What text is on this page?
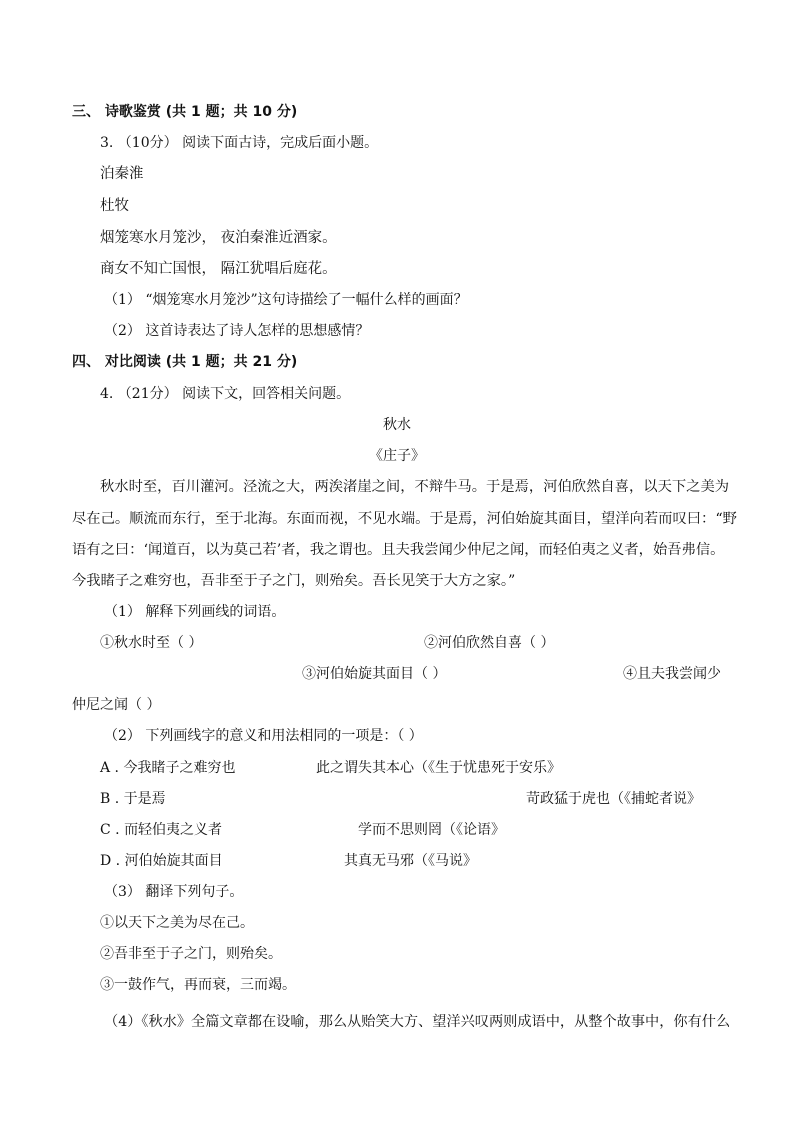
三、 诗歌鉴赏 (共 1 题；共 10 分)
3. （10分） 阅读下面古诗，完成后面小题。
泊秦淮
杜牧
烟笼寒水月笼沙， 夜泊秦淮近酒家。
商女不知亡国恨， 隔江犹唱后庭花。
（1） “烟笼寒水月笼沙”这句诗描绘了一幅什么样的画面？
（2） 这首诗表达了诗人怎样的思想感情？
四、 对比阅读 (共 1 题；共 21 分)
4. （21分） 阅读下文，回答相关问题。
秋水
《庄子》
秋水时至，百川灌河。泾流之大，两涘渚崖之间，不辩牛马。于是焉，河伯欣然自喜，以天下之美为
尽在己。顺流而东行，至于北海。东面而视，不见水端。于是焉，河伯始旋其面目，望洋向若而叹曰：“野
语有之曰：‘闻道百，以为莫己若’者，我之谓也。且夫我尝闻少仲尼之闻，而轻伯夷之义者，始吾弗信。
今我睹子之难穷也，吾非至于子之门，则殆矣。吾长见笑于大方之家。”
（1） 解释下列画线的词语。
①秋水时至（ ）	②河伯欣然自喜（ ）
③河伯始旋其面目（ ）	④且夫我尝闻少
仲尼之闻（ ）
（2） 下列画线字的意义和用法相同的一项是：（ ）
A . 今我睹子之难穷也	此之谓失其本心（《生于忧患死于安乐》
B . 于是焉	苛政猛于虎也（《捕蛇者说》
C . 而轻伯夷之义者	学而不思则罔（《论语》
D . 河伯始旋其面目	其真无马邪（《马说》
（3） 翻译下列句子。
①以天下之美为尽在己。
②吾非至于子之门，则殆矣。
③一鼓作气，再而衰，三而竭。
（4）《秋水》全篇文章都在设喻，那么从贻笑大方、望洋兴叹两则成语中，从整个故事中，你有什么
